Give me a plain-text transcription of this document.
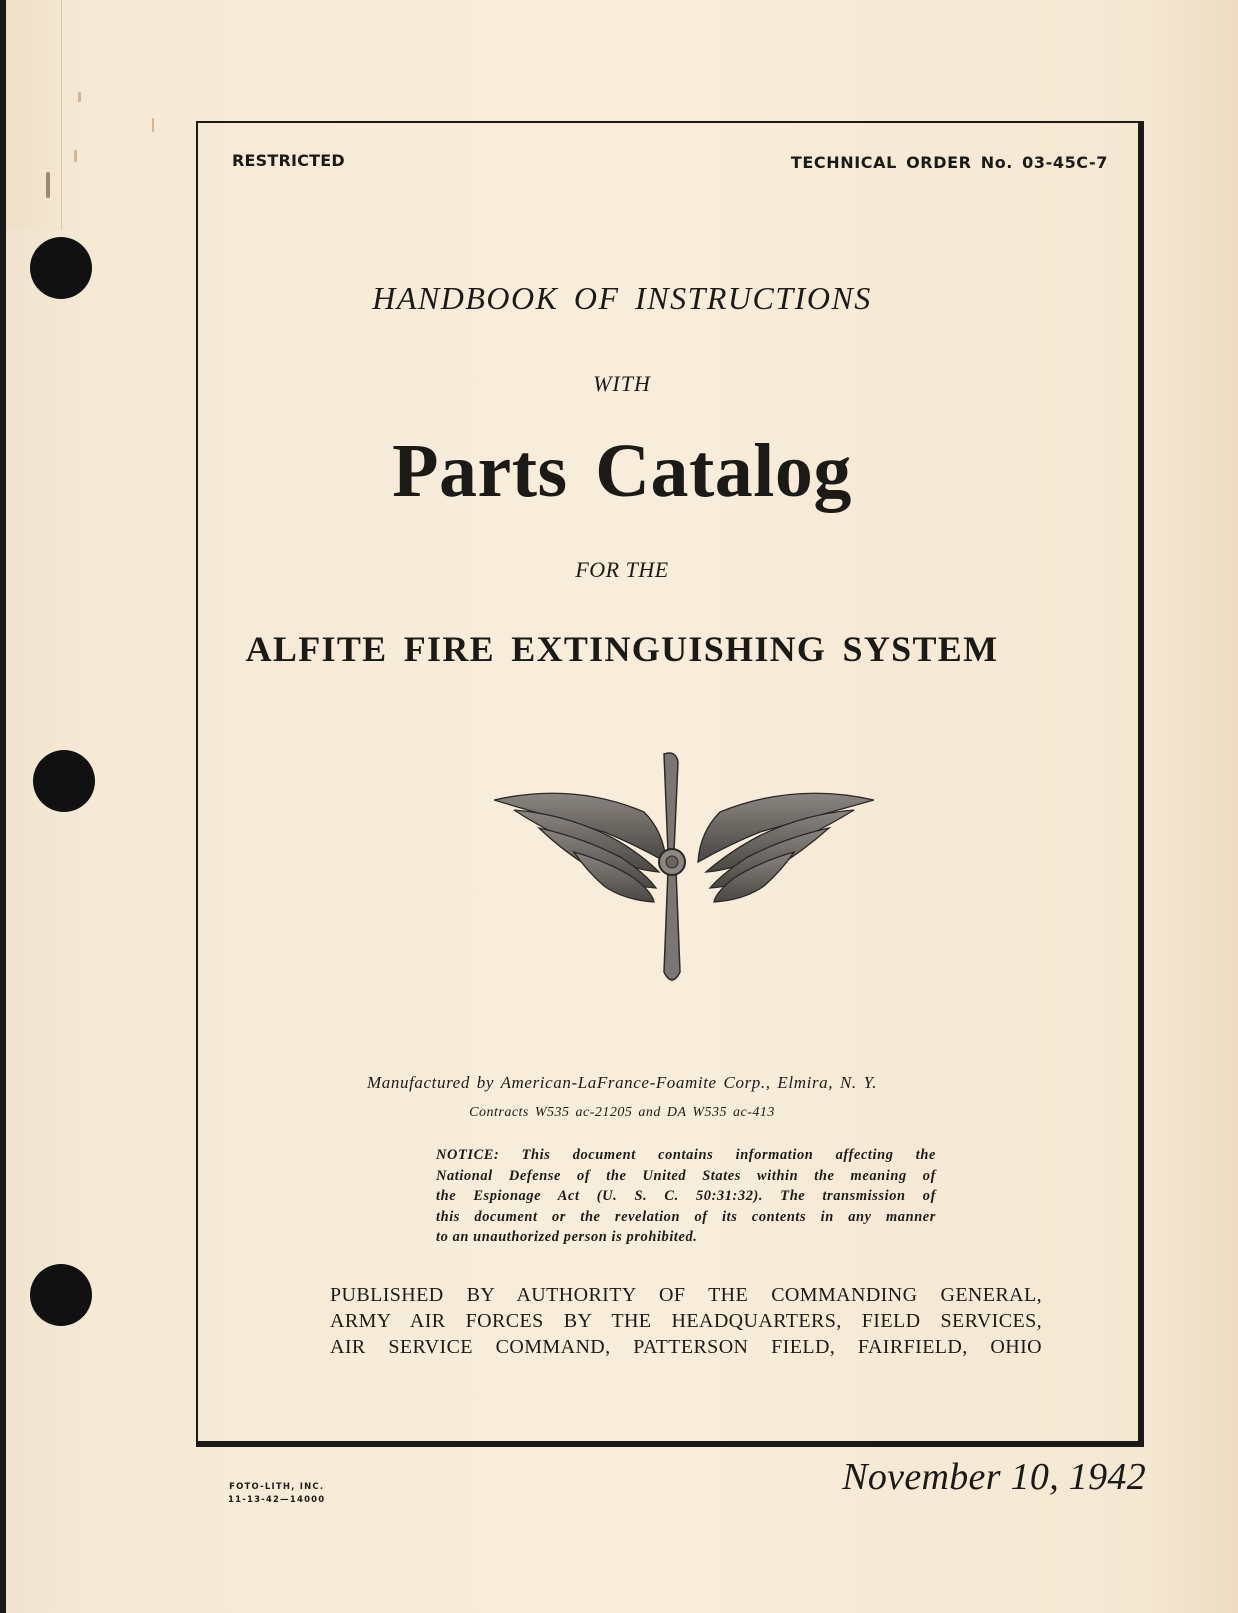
RESTRICTED	TECHNICAL ORDER No. 03-45C-7
HANDBOOK OF INSTRUCTIONS
WITH
Parts Catalog
FOR THE
ALFITE FIRE EXTINGUISHING SYSTEM
Manufactured by American-LaFrance-Foamite Corp., Elmira, N. Y.
Contracts W535 ac-21205 and DA W535 ac-413
NOTICE: This document contains information affecting the
National Defense of the United States within the meaning of
the Espionage Act (U. S. C. 50:31:32). The transmission of
this document or the revelation of its contents in any manner
to an unauthorized person is prohibited.
PUBLISHED BY AUTHORITY OF THE COMMANDING GENERAL,
ARMY AIR FORCES BY THE HEADQUARTERS, FIELD SERVICES,
AIR SERVICE COMMAND, PATTERSON FIELD, FAIRFIELD, OHIO
FOTO-LITH, INC.
11-13-42—14000
November 10, 1942
